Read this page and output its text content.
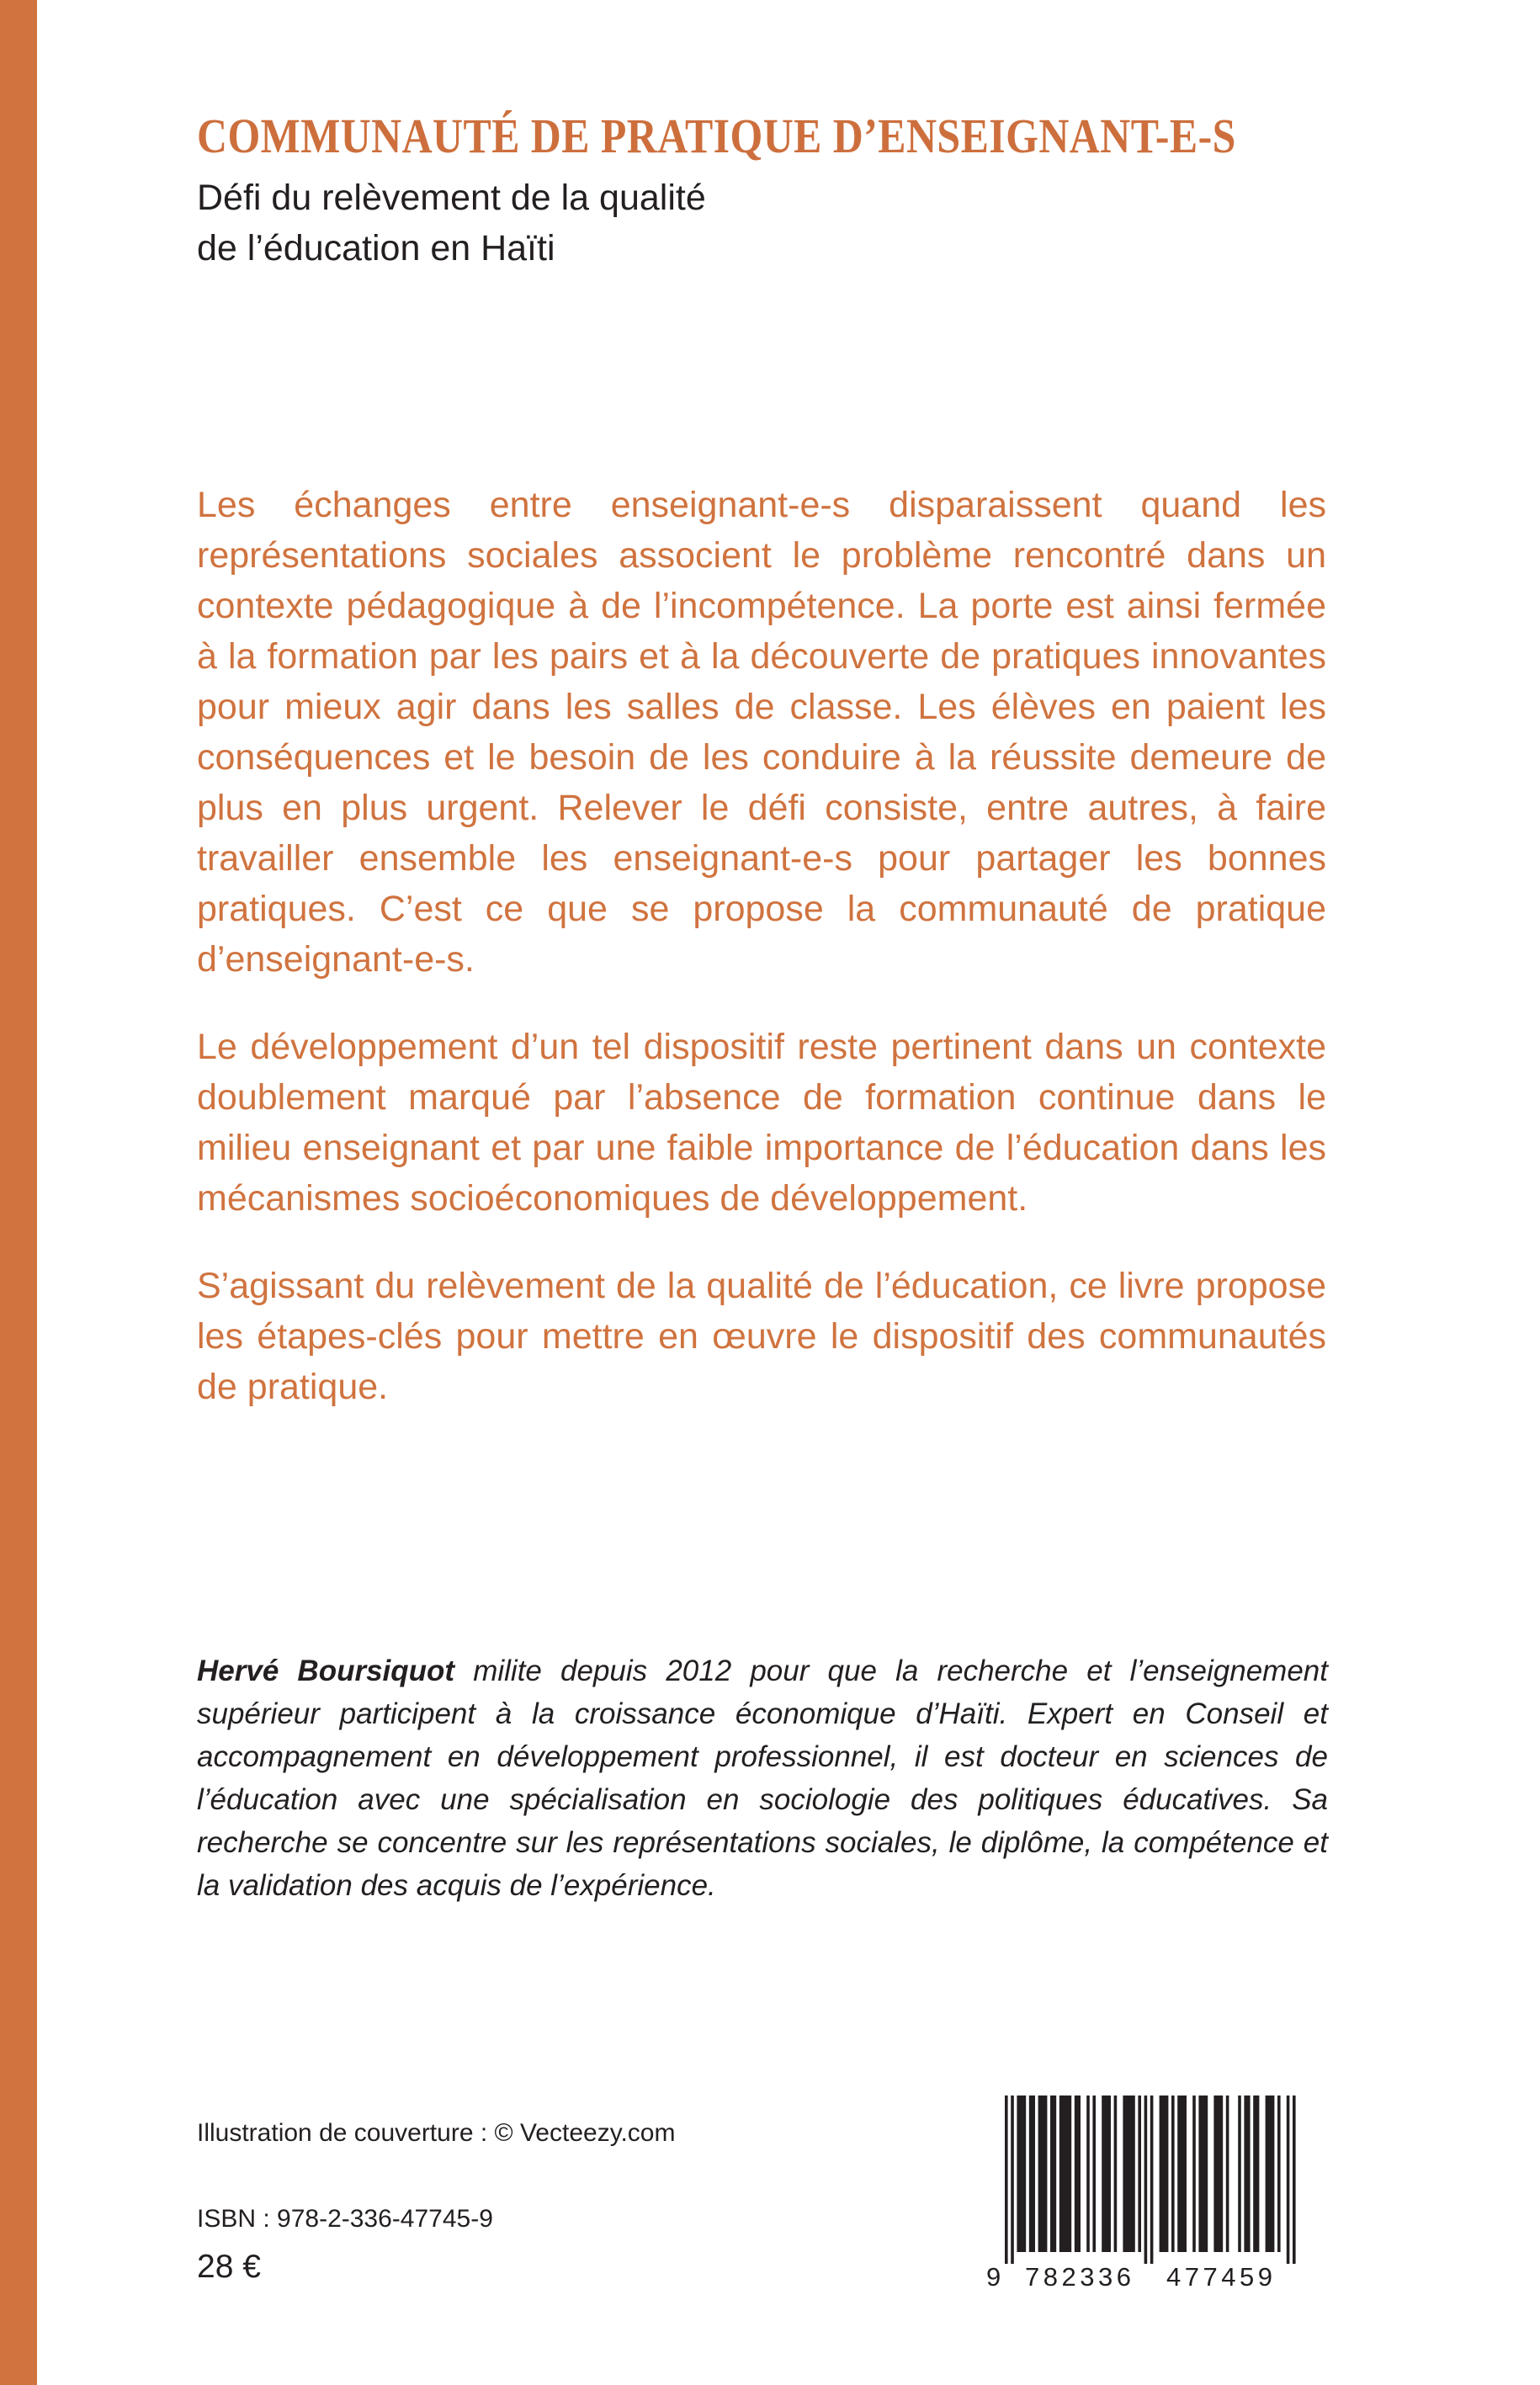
COMMUNAUTÉ DE PRATIQUE D’ENSEIGNANT-E-S
Défi du relèvement de la qualité
de l’éducation en Haïti

Les échanges entre enseignant-e-s disparaissent quand les représentations sociales associent le problème rencontré dans un contexte pédagogique à de l’incompétence. La porte est ainsi fermée à la formation par les pairs et à la découverte de pratiques innovantes pour mieux agir dans les salles de classe. Les élèves en paient les conséquences et le besoin de les conduire à la réussite demeure de plus en plus urgent. Relever le défi consiste, entre autres, à faire travailler ensemble les enseignant-e-s pour partager les bonnes pratiques. C’est ce que se propose la communauté de pratique d’enseignant-e-s.

Le développement d’un tel dispositif reste pertinent dans un contexte doublement marqué par l’absence de formation continue dans le milieu enseignant et par une faible importance de l’éducation dans les mécanismes socioéconomiques de développement.

S’agissant du relèvement de la qualité de l’éducation, ce livre propose les étapes-clés pour mettre en œuvre le dispositif des communautés de pratique.

Hervé Boursiquot milite depuis 2012 pour que la recherche et l’enseignement supérieur participent à la croissance économique d’Haïti. Expert en Conseil et accompagnement en développement professionnel, il est docteur en sciences de l’éducation avec une spécialisation en sociologie des politiques éducatives. Sa recherche se concentre sur les représentations sociales, le diplôme, la compétence et la validation des acquis de l’expérience.

Illustration de couverture : © Vecteezy.com

ISBN : 978-2-336-47745-9

28 €	9 782336 477459
